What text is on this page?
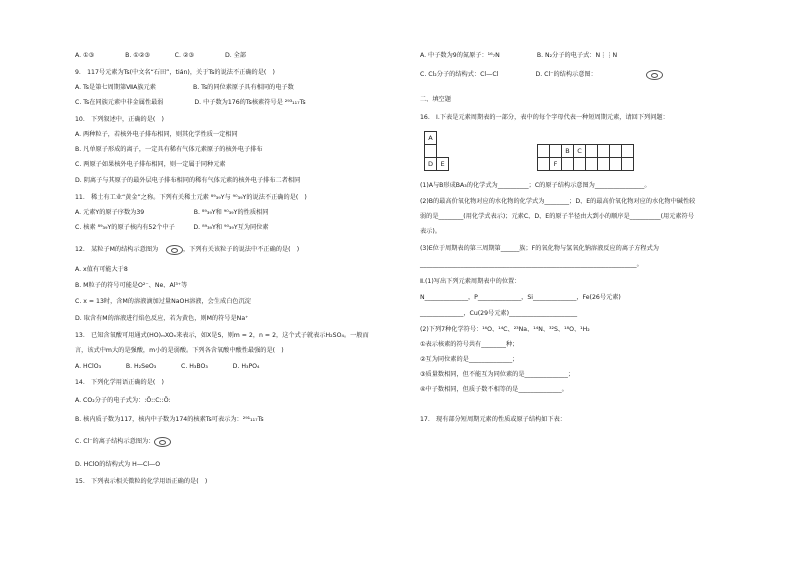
A. ①③　　　　　B. ①②③　　　　C. ②③　　　　　D. 全部
9.　117号元素为Ts(中文名“石田”，tián)，关于Ts的说法不正确的是(　)
A. Ts是第七周期第ⅦA族元素　　　　　　B. Ts的同位素原子具有相同的电子数
C. Ts在同族元素中非金属性最弱　　　　　D. 中子数为176的Ts核素符号是 ²⁹³₁₁₇Ts
10.　下列叙述中，正确的是(　)
A. 两种粒子，若核外电子排布相同，则其化学性质一定相同
B. 凡单原子形成的离子，一定具有稀有气体元素原子的核外电子排布
C. 两原子如果核外电子排布相同，则一定属于同种元素
D. 阴离子与其原子的最外层电子排布相同的稀有气体元素的核外电子排布二者相同
11.　稀土有工业“黄金”之称。下列有关稀土元素 ⁸⁹₃₉Y与 ⁹⁰₃₉Y的说法不正确的是(　)
A. 元素Y的原子序数为39　　　　　　　　B. ⁸⁹₃₉Y和 ⁹⁰₃₉Y的性质相同
C. 核素 ⁸⁹₃₉Y的原子核内有52个中子　　　D. ⁸⁹₃₉Y和 ⁹⁰₃₉Y互为同位素
12.　某粒子M的结构示意图为　　　　，下列有关该粒子的说法中不正确的是(　)
A. x值有可能大于8
B. M粒子的符号可能是O²⁻、Ne、Al³⁺等
C. x = 13时，含M的溶液滴加过量NaOH溶液，会生成白色沉淀
D. 取含有M的溶液进行焰色反应，若为黄色，则M的符号是Na⁺
13.　已知含氧酸可用通式(HO)ₘXOₙ来表示，如X是S，则m = 2，n = 2，这个式子就表示H₂SO₄。一般而
言，该式中m大的是强酸，m小的是弱酸。下列各含氧酸中酸性最强的是(　)
A. HClO₃　　　　B. H₂SeO₃　　　　C. H₃BO₃　　　　D. H₃PO₄
14.　下列化学用语正确的是(　)
A. CO₂分子的电子式为：:Ö::C::Ö:
B. 核内质子数为117，核内中子数为174的核素Ts可表示为：²⁹¹₁₁₇Ts
C. Cl⁻的离子结构示意图为：
D. HClO的结构式为 H—Cl—O
15.　下列表示相关微粒的化学用语正确的是(　)
A. 中子数为9的氮原子：¹⁶₇N　　　　　　B. N₂分子的电子式：N⋮⋮N
C. Cl₂分子的结构式：Cl—Cl　　　　　　D. Cl⁻的结构示意图：
二、填空题
16.　Ⅰ.下表是元素周期表的一部分，表中的每个字母代表一种短周期元素，请回下列问题：
A																	
												B	C				
D	E										F						
(1)A与B形成BA₃的化学式为__________；C的原子结构示意图为________________。
(2)B的最高价氧化物对应的水化物的化学式为________；D、E的最高价氧化物对应的水化物中碱性较
弱的是________(用化学式表示)；元素C、D、E的原子半径由大到小的顺序是__________(用元素符号
表示)。
(3)E位于周期表的第三周期第______族；F的氧化物与氢氧化钠溶液反应的离子方程式为
______________________________________________________________________。
Ⅱ.(1)写出下列元素周期表中的位置：
N______________，P______________，Si______________，Fe(26号元素)
______________，Cu(29号元素)______________________
(2)下列7种化学符号：¹⁶O、¹⁴C、²³Na、¹⁴N、³²S、¹⁸O、¹H₂
①表示核素的符号共有________种；
②互为同位素的是______________；
③质量数相同，但不能互为同位素的是______________；
④中子数相同，但质子数不相等的是______________。
17.　现有部分短周期元素的性质或原子结构如下表：
